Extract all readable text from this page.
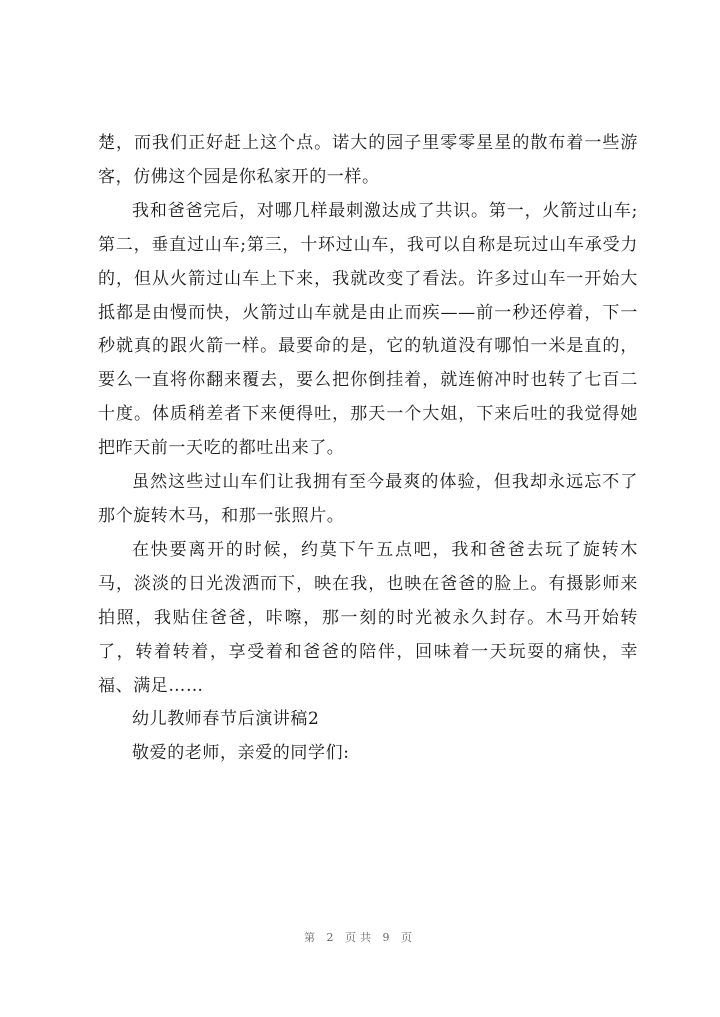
楚，而我们正好赶上这个点。诺大的园子里零零星星的散布着一些游客，仿佛这个园是你私家开的一样。

我和爸爸完后，对哪几样最刺激达成了共识。第一，火箭过山车;第二，垂直过山车;第三，十环过山车，我可以自称是玩过山车承受力的，但从火箭过山车上下来，我就改变了看法。许多过山车一开始大抵都是由慢而快，火箭过山车就是由止而疾——前一秒还停着，下一秒就真的跟火箭一样。最要命的是，它的轨道没有哪怕一米是直的，要么一直将你翻来覆去，要么把你倒挂着，就连俯冲时也转了七百二十度。体质稍差者下来便得吐，那天一个大姐，下来后吐的我觉得她把昨天前一天吃的都吐出来了。

虽然这些过山车们让我拥有至今最爽的体验，但我却永远忘不了那个旋转木马，和那一张照片。

在快要离开的时候，约莫下午五点吧，我和爸爸去玩了旋转木马，淡淡的日光泼洒而下，映在我，也映在爸爸的脸上。有摄影师来拍照，我贴住爸爸，咔嚓，那一刻的时光被永久封存。木马开始转了，转着转着，享受着和爸爸的陪伴，回味着一天玩耍的痛快，幸福、满足……

幼儿教师春节后演讲稿2

敬爱的老师，亲爱的同学们:

第 2 页共 9 页
